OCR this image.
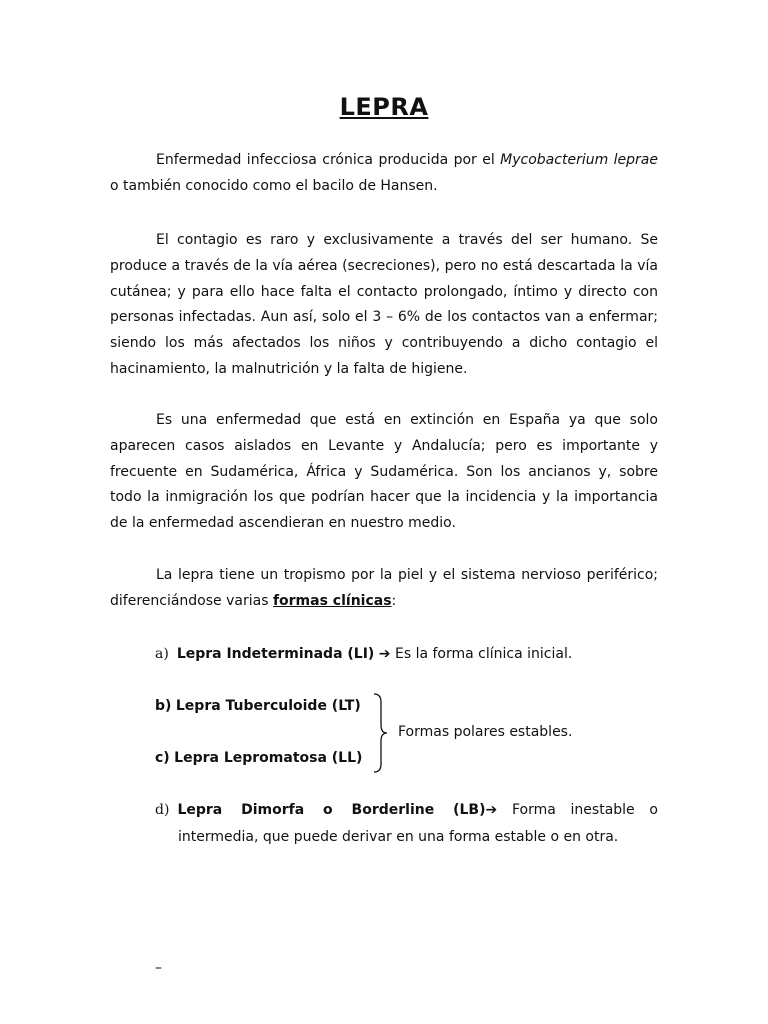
LEPRA

Enfermedad infecciosa crónica producida por el Mycobacterium leprae o también conocido como el bacilo de Hansen.

El contagio es raro y exclusivamente a través del ser humano. Se produce a través de la vía aérea (secreciones), pero no está descartada la vía cutánea; y para ello hace falta el contacto prolongado, íntimo y directo con personas infectadas. Aun así, solo el 3 – 6% de los contactos van a enfermar; siendo los más afectados los niños y contribuyendo a dicho contagio el hacinamiento, la malnutrición y la falta de higiene.

Es una enfermedad que está en extinción en España ya que solo aparecen casos aislados en Levante y Andalucía; pero es importante y frecuente en Sudamérica, África y Sudamérica. Son los ancianos y, sobre todo la inmigración los que podrían hacer que la incidencia y la importancia de la enfermedad ascendieran en nuestro medio.

La lepra tiene un tropismo por la piel y el sistema nervioso periférico; diferenciándose varias formas clínicas:

a) Lepra Indeterminada (LI) ➔ Es la forma clínica inicial.
b) Lepra Tuberculoide (LT)
c) Lepra Lepromatosa (LL)
Formas polares estables.
d) Lepra Dimorfa o Borderline (LB) ➔ Forma inestable o
intermedia, que puede derivar en una forma estable o en otra.
–
